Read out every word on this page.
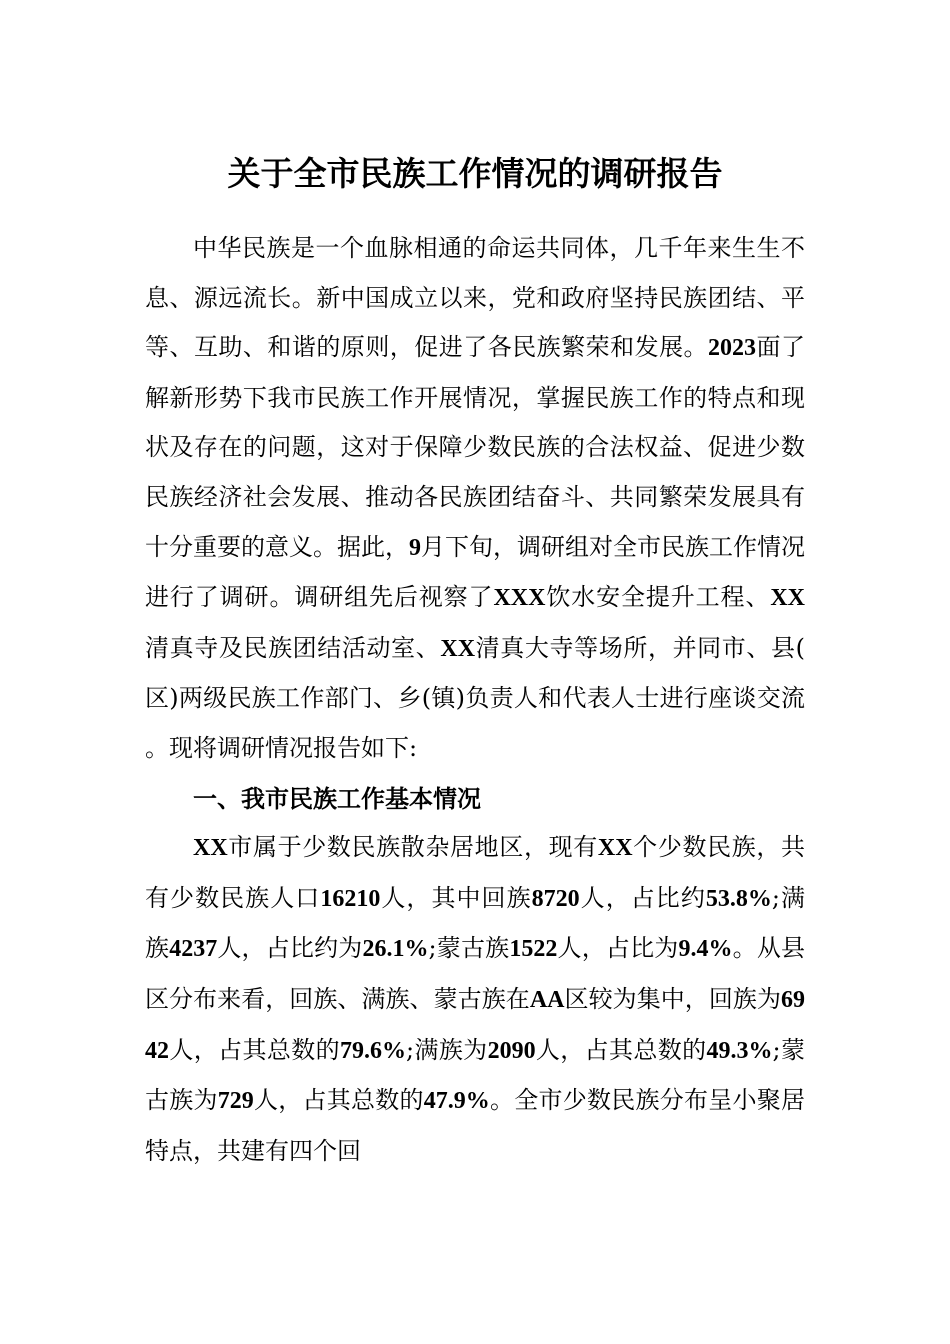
关于全市民族工作情况的调研报告

中华民族是一个血脉相通的命运共同体，几千年来生生不息、源远流长。新中国成立以来，党和政府坚持民族团结、平等、互助、和谐的原则，促进了各民族繁荣和发展。2023面了解新形势下我市民族工作开展情况，掌握民族工作的特点和现状及存在的问题，这对于保障少数民族的合法权益、促进少数民族经济社会发展、推动各民族团结奋斗、共同繁荣发展具有十分重要的意义。据此，9月下旬，调研组对全市民族工作情况进行了调研。调研组先后视察了XXX饮水安全提升工程、XX清真寺及民族团结活动室、XX清真大寺等场所，并同市、县(区)两级民族工作部门、乡(镇)负责人和代表人士进行座谈交流。现将调研情况报告如下:

一、我市民族工作基本情况

XX市属于少数民族散杂居地区，现有XX个少数民族，共有少数民族人口16210人，其中回族8720人，占比约53.8%;满族4237人，占比约为26.1%;蒙古族1522人，占比为9.4%。从县区分布来看，回族、满族、蒙古族在AA区较为集中，回族为6942人，占其总数的79.6%;满族为2090人，占其总数的49.3%;蒙古族为729人，占其总数的47.9%。全市少数民族分布呈小聚居特点，共建有四个回
